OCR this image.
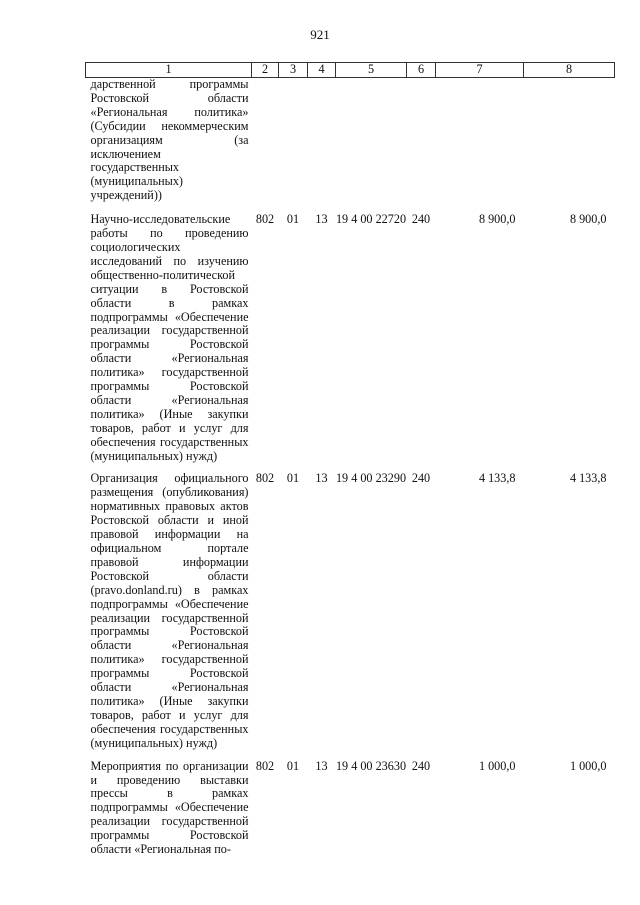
921
1	2	3	4	5	6	7	8
дарственной программы Ростовской области «Региональная политика» (Субсидии некоммерческим организациям (за исключением государственных (муниципальных) учреждений))							
Научно-исследовательские работы по проведению социологических исследований по изучению общественно-политической ситуации в Ростовской области в рамках подпрограммы «Обеспечение реализации государственной программы Ростовской области «Региональная политика» государственной программы Ростовской области «Региональная политика» (Иные закупки товаров, работ и услуг для обеспечения государственных (муниципальных) нужд)	802	01	13	19 4 00 22720	240	8 900,0	8 900,0
Организация официального размещения (опубликования) нормативных правовых актов Ростовской области и иной правовой информации на официальном портале правовой информации Ростовской области (pravo.donland.ru) в рамках подпрограммы «Обеспечение реализации государственной программы Ростовской области «Региональная политика» государственной программы Ростовской области «Региональная политика» (Иные закупки товаров, работ и услуг для обеспечения государственных (муниципальных) нужд)	802	01	13	19 4 00 23290	240	4 133,8	4 133,8
Мероприятия по организации и проведению выставки прессы в рамках подпрограммы «Обеспечение реализации государственной программы Ростовской области «Региональная по-	802	01	13	19 4 00 23630	240	1 000,0	1 000,0
